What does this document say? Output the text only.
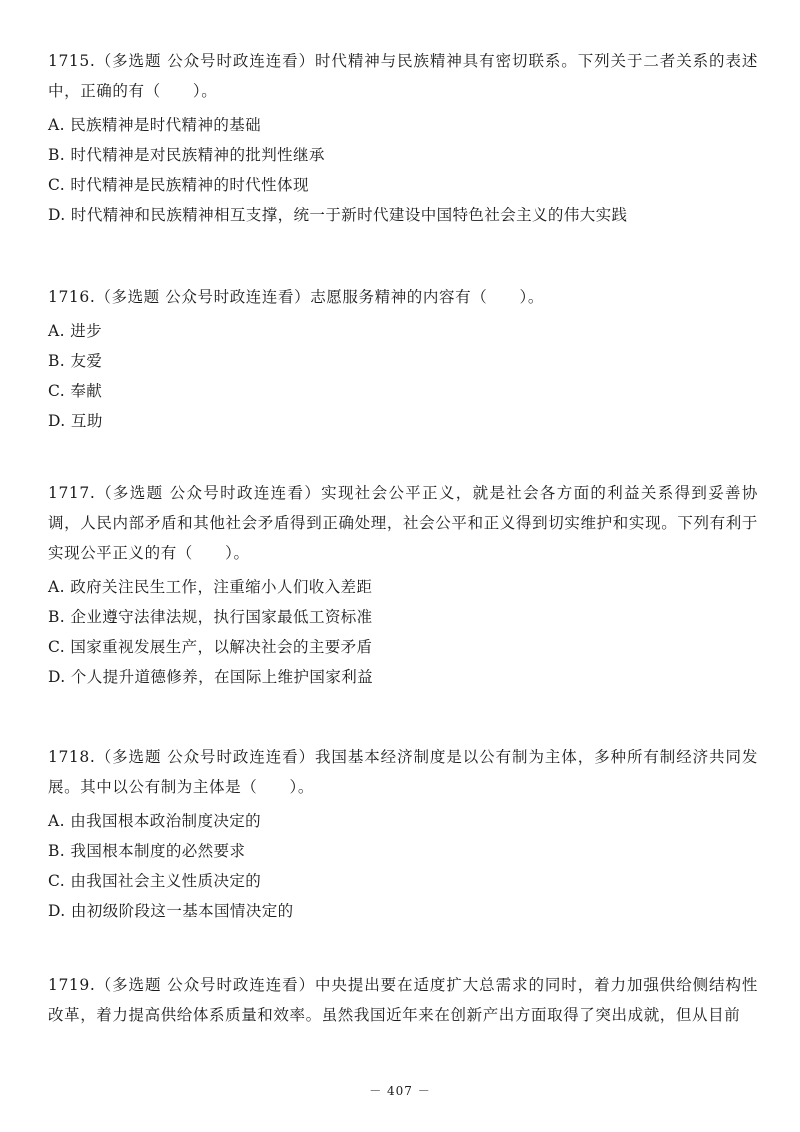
1715.（多选题 公众号时政连连看）时代精神与民族精神具有密切联系。下列关于二者关系的表述中，正确的有（　　）。

A. 民族精神是时代精神的基础

B. 时代精神是对民族精神的批判性继承

C. 时代精神是民族精神的时代性体现

D. 时代精神和民族精神相互支撑，统一于新时代建设中国特色社会主义的伟大实践

1716.（多选题 公众号时政连连看）志愿服务精神的内容有（　　）。

A. 进步

B. 友爱

C. 奉献

D. 互助

1717.（多选题 公众号时政连连看）实现社会公平正义，就是社会各方面的利益关系得到妥善协调，人民内部矛盾和其他社会矛盾得到正确处理，社会公平和正义得到切实维护和实现。下列有利于实现公平正义的有（　　）。

A. 政府关注民生工作，注重缩小人们收入差距

B. 企业遵守法律法规，执行国家最低工资标准

C. 国家重视发展生产，以解决社会的主要矛盾

D. 个人提升道德修养，在国际上维护国家利益

1718.（多选题 公众号时政连连看）我国基本经济制度是以公有制为主体，多种所有制经济共同发展。其中以公有制为主体是（　　）。

A. 由我国根本政治制度决定的

B. 我国根本制度的必然要求

C. 由我国社会主义性质决定的

D. 由初级阶段这一基本国情决定的

1719.（多选题 公众号时政连连看）中央提出要在适度扩大总需求的同时，着力加强供给侧结构性改革，着力提高供给体系质量和效率。虽然我国近年来在创新产出方面取得了突出成就，但从目前

－ 407 －
